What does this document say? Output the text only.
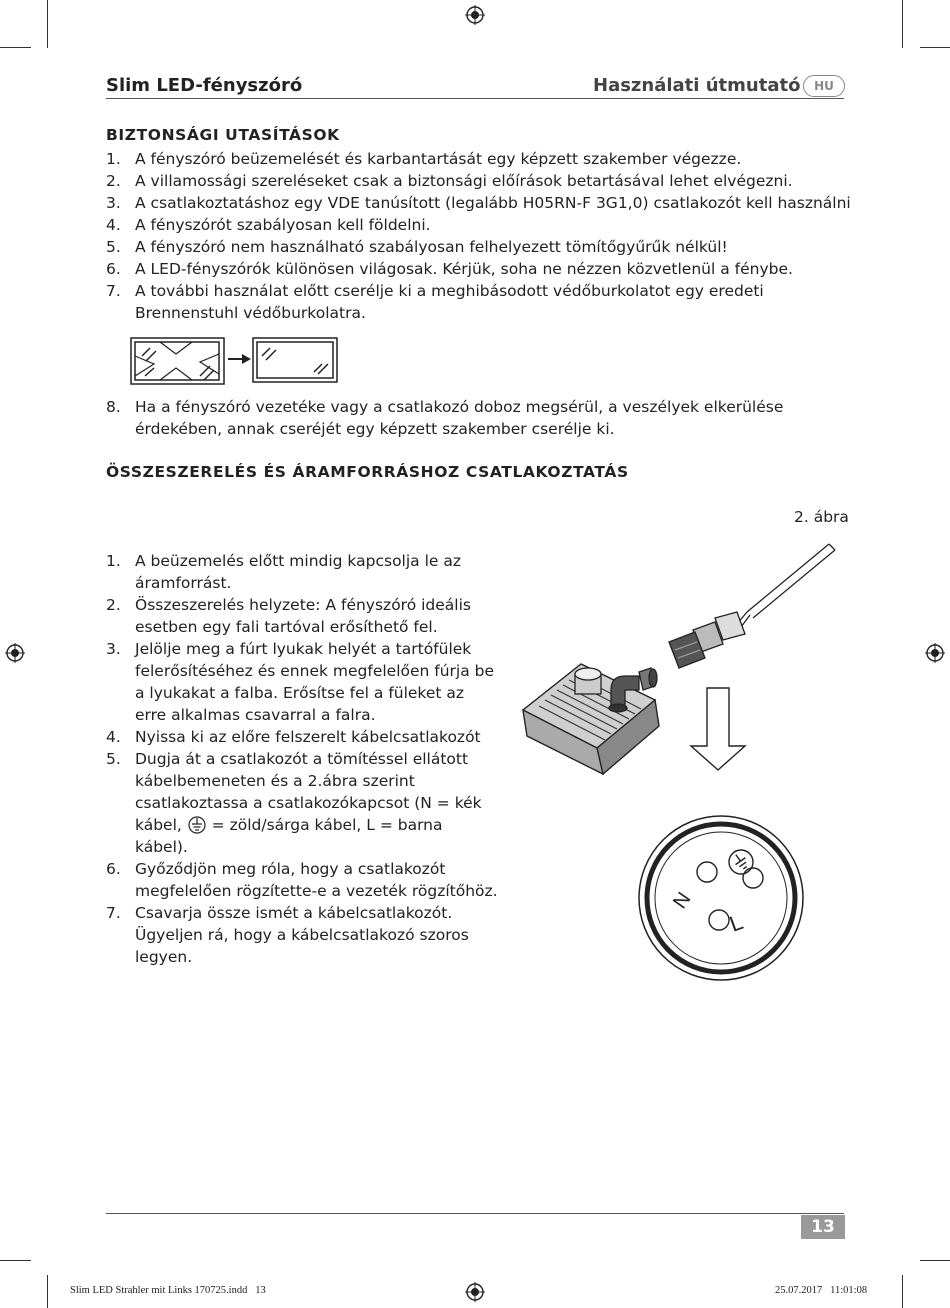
Slim LED-fényszóró	Használati útmutató	HU
BIZTONSÁGI UTASÍTÁSOK
1. A fényszóró beüzemelését és karbantartását egy képzett szakember végezze.
2. A villamossági szereléseket csak a biztonsági előírások betartásával lehet elvégezni.
3. A csatlakoztatáshoz egy VDE tanúsított (legalább H05RN-F 3G1,0) csatlakozót kell használni
4. A fényszórót szabályosan kell földelni.
5. A fényszóró nem használható szabályosan felhelyezett tömítőgyűrűk nélkül!
6. A LED-fényszórók különösen világosak. Kérjük, soha ne nézzen közvetlenül a fénybe.
7. A további használat előtt cserélje ki a meghibásodott védőburkolatot egy eredeti Brennenstuhl védőburkolatra.
8. Ha a fényszóró vezetéke vagy a csatlakozó doboz megsérül, a veszélyek elkerülése érdekében, annak cseréjét egy képzett szakember cserélje ki.
ÖSSZESZERELÉS ÉS ÁRAMFORRÁSHOZ CSATLAKOZTATÁS
2. ábra
1. A beüzemelés előtt mindig kapcsolja le az áramforrást.
2. Összeszerelés helyzete: A fényszóró ideális esetben egy fali tartóval erősíthető fel.
3. Jelölje meg a fúrt lyukak helyét a tartófülek felerősítéséhez és ennek megfelelően fúrja be a lyukakat a falba. Erősítse fel a füleket az erre alkalmas csavarral a falra.
4. Nyissa ki az előre felszerelt kábelcsatlakozót
5. Dugja át a csatlakozót a tömítéssel ellátott kábelbemeneten és a 2.ábra szerint csatlakoztassa a csatlakozókapcsot (N = kék kábel,  = zöld/sárga kábel, L = barna kábel).
6. Győződjön meg róla, hogy a csatlakozót megfelelően rögzítette-e a vezeték rögzítőhöz.
7. Csavarja össze ismét a kábelcsatlakozót. Ügyeljen rá, hogy a kábelcsatlakozó szoros legyen.
N
L
13
Slim LED Strahler mit Links 170725.indd   13	25.07.2017   11:01:08
